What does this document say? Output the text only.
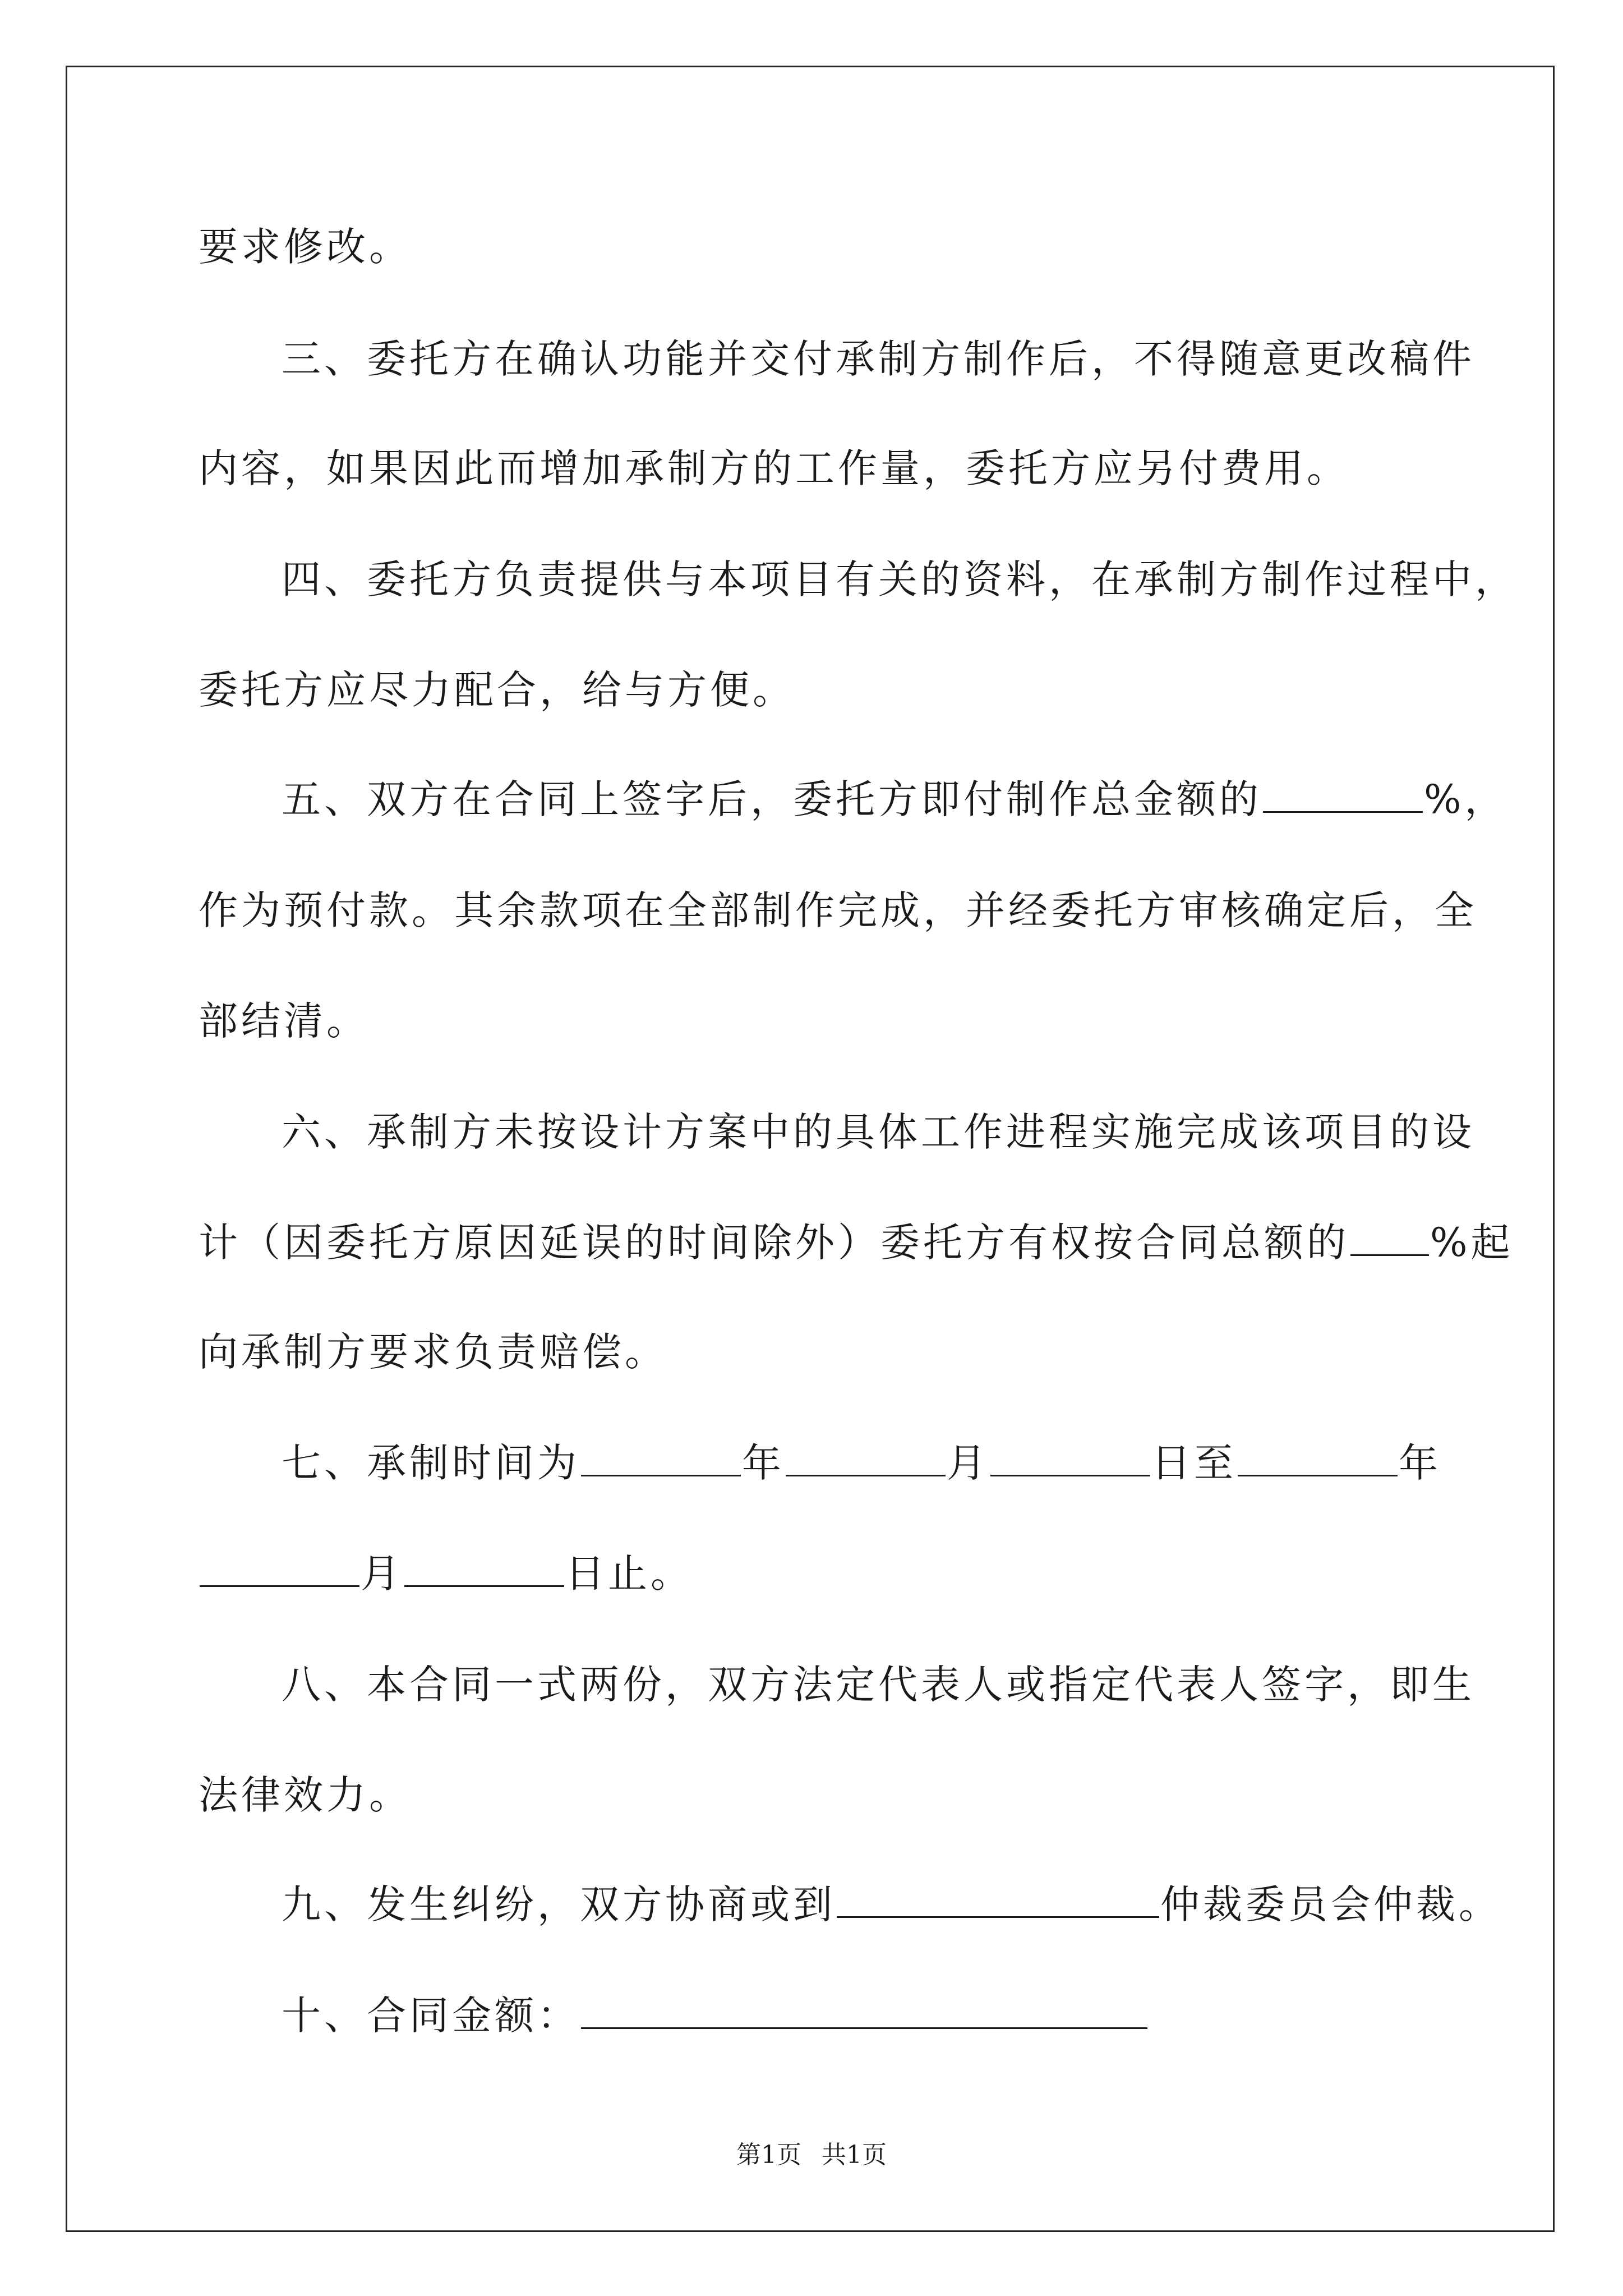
要求修改。
三、委托方在确认功能并交付承制方制作后，不得随意更改稿件
内容，如果因此而增加承制方的工作量，委托方应另付费用。
四、委托方负责提供与本项目有关的资料，在承制方制作过程中，
委托方应尽力配合，给与方便。
五、双方在合同上签字后，委托方即付制作总金额的	%，
作为预付款。其余款项在全部制作完成，并经委托方审核确定后，全
部结清。
六、承制方未按设计方案中的具体工作进程实施完成该项目的设
计（因委托方原因延误的时间除外）委托方有权按合同总额的 %起
向承制方要求负责赔偿。
七、承制时间为	年	月	日至	年
月	日止。
八、本合同一式两份，双方法定代表人或指定代表人签字，即生
法律效力。
九、发生纠纷，双方协商或到	仲裁委员会仲裁。
十、合同金额：
第1页 共1页
